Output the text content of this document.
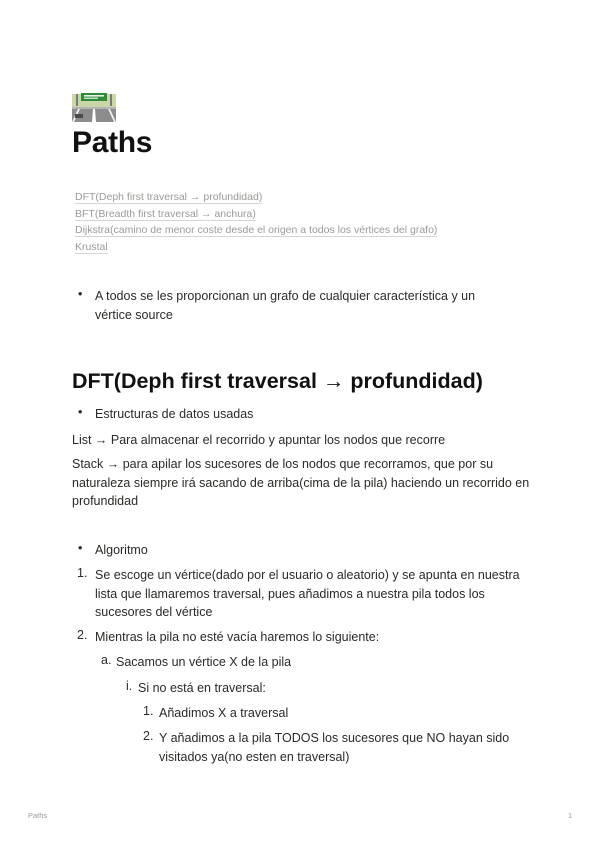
Paths
DFT(Deph first traversal → profundidad)
BFT(Breadth first traversal → anchura)
Dijkstra(camino de menor coste desde el origen a todos los vértices del grafo)
Krustal
• A todos se les proporcionan un grafo de cualquier característica y un vértice source
DFT(Deph first traversal → profundidad)
• Estructuras de datos usadas
List → Para almacenar el recorrido y apuntar los nodos que recorre
Stack → para apilar los sucesores de los nodos que recorramos, que por su naturaleza siempre irá sacando de arriba(cima de la pila) haciendo un recorrido en profundidad
• Algoritmo
1. Se escoge un vértice(dado por el usuario o aleatorio) y se apunta en nuestra lista que llamaremos traversal, pues añadimos a nuestra pila todos los sucesores del vértice
2. Mientras la pila no esté vacía haremos lo siguiente:
a. Sacamos un vértice X de la pila
i. Si no está en traversal:
1. Añadimos X a traversal
2. Y añadimos a la pila TODOS los sucesores que NO hayan sido visitados ya(no esten en traversal)
Paths	1
